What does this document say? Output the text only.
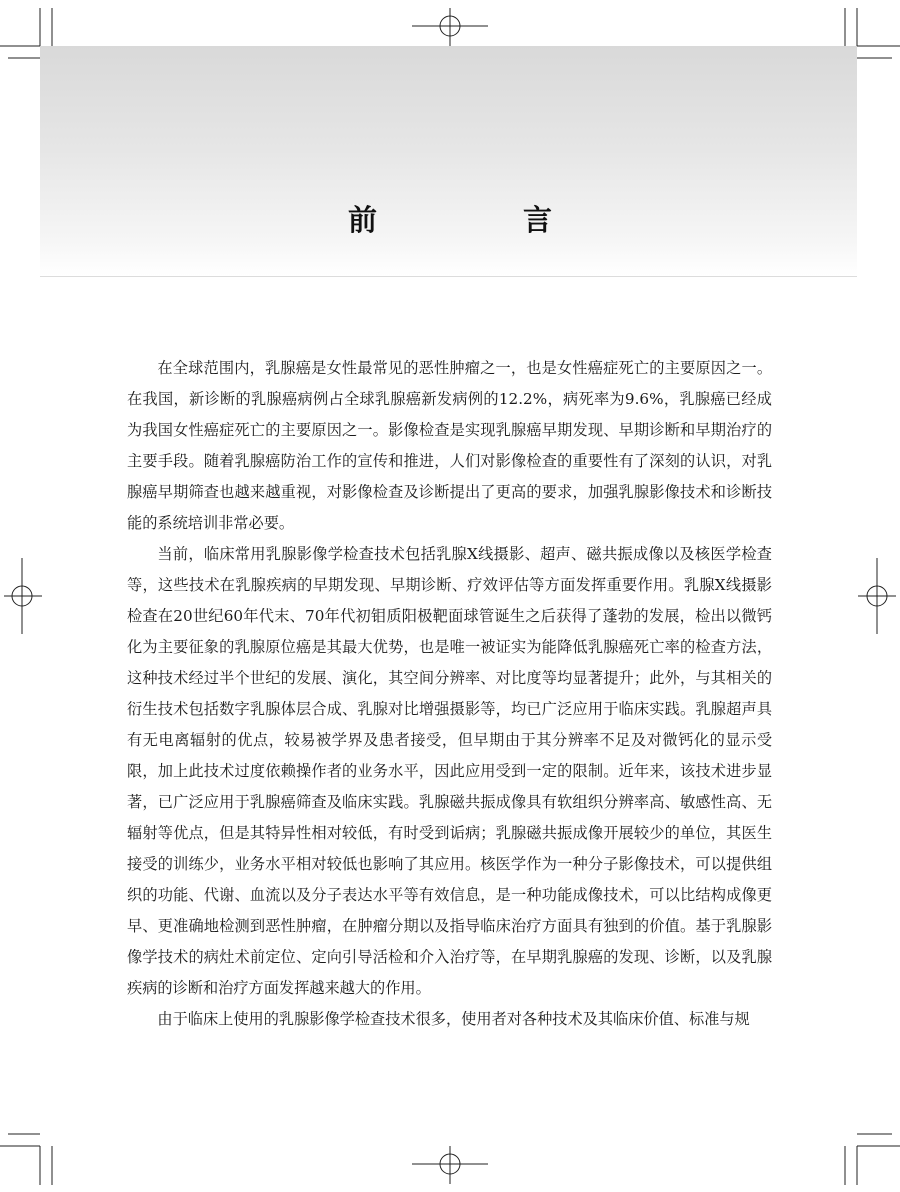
前 言

在全球范围内，乳腺癌是女性最常见的恶性肿瘤之一，也是女性癌症死亡的主要原因之一。在我国，新诊断的乳腺癌病例占全球乳腺癌新发病例的12.2%，病死率为9.6%，乳腺癌已经成为我国女性癌症死亡的主要原因之一。影像检查是实现乳腺癌早期发现、早期诊断和早期治疗的主要手段。随着乳腺癌防治工作的宣传和推进，人们对影像检查的重要性有了深刻的认识，对乳腺癌早期筛查也越来越重视，对影像检查及诊断提出了更高的要求，加强乳腺影像技术和诊断技能的系统培训非常必要。

当前，临床常用乳腺影像学检查技术包括乳腺X线摄影、超声、磁共振成像以及核医学检查等，这些技术在乳腺疾病的早期发现、早期诊断、疗效评估等方面发挥重要作用。乳腺X线摄影检查在20世纪60年代末、70年代初钼质阳极靶面球管诞生之后获得了蓬勃的发展，检出以微钙化为主要征象的乳腺原位癌是其最大优势，也是唯一被证实为能降低乳腺癌死亡率的检查方法，这种技术经过半个世纪的发展、演化，其空间分辨率、对比度等均显著提升；此外，与其相关的衍生技术包括数字乳腺体层合成、乳腺对比增强摄影等，均已广泛应用于临床实践。乳腺超声具有无电离辐射的优点，较易被学界及患者接受，但早期由于其分辨率不足及对微钙化的显示受限，加上此技术过度依赖操作者的业务水平，因此应用受到一定的限制。近年来，该技术进步显著，已广泛应用于乳腺癌筛查及临床实践。乳腺磁共振成像具有软组织分辨率高、敏感性高、无辐射等优点，但是其特异性相对较低，有时受到诟病；乳腺磁共振成像开展较少的单位，其医生接受的训练少，业务水平相对较低也影响了其应用。核医学作为一种分子影像技术，可以提供组织的功能、代谢、血流以及分子表达水平等有效信息，是一种功能成像技术，可以比结构成像更早、更准确地检测到恶性肿瘤，在肿瘤分期以及指导临床治疗方面具有独到的价值。基于乳腺影像学技术的病灶术前定位、定向引导活检和介入治疗等，在早期乳腺癌的发现、诊断，以及乳腺疾病的诊断和治疗方面发挥越来越大的作用。

由于临床上使用的乳腺影像学检查技术很多，使用者对各种技术及其临床价值、标准与规
